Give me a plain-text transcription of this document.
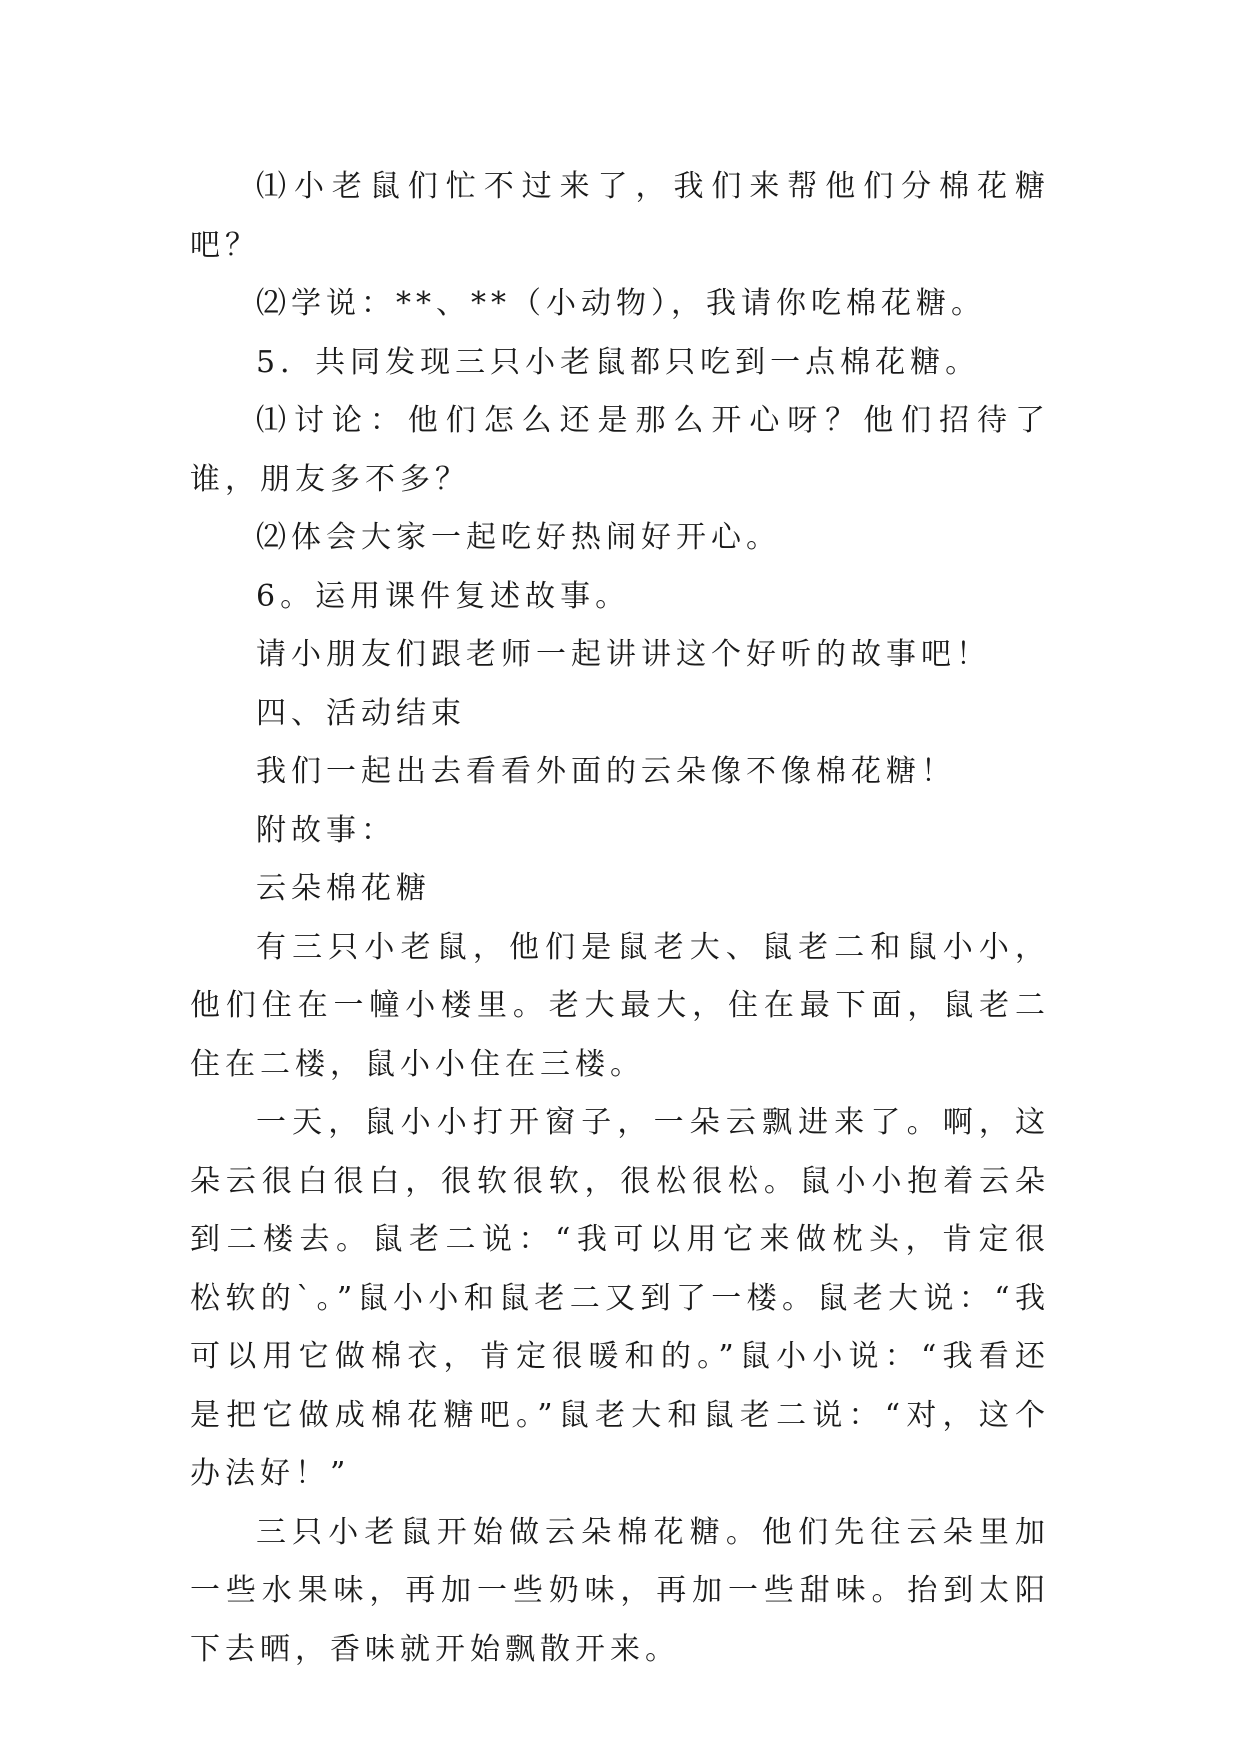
⑴小老鼠们忙不过来了，我们来帮他们分棉花糖吧？

⑵学说：**、**（小动物），我请你吃棉花糖。

5．共同发现三只小老鼠都只吃到一点棉花糖。

⑴讨论：他们怎么还是那么开心呀？他们招待了谁，朋友多不多？

⑵体会大家一起吃好热闹好开心。

6。运用课件复述故事。

请小朋友们跟老师一起讲讲这个好听的故事吧！

四、活动结束

我们一起出去看看外面的云朵像不像棉花糖！

附故事：

云朵棉花糖

有三只小老鼠，他们是鼠老大、鼠老二和鼠小小，他们住在一幢小楼里。老大最大，住在最下面，鼠老二住在二楼，鼠小小住在三楼。

一天，鼠小小打开窗子，一朵云飘进来了。啊，这朵云很白很白，很软很软，很松很松。鼠小小抱着云朵到二楼去。鼠老二说：“我可以用它来做枕头，肯定很松软的`。”鼠小小和鼠老二又到了一楼。鼠老大说：“我可以用它做棉衣，肯定很暖和的。”鼠小小说：“我看还是把它做成棉花糖吧。”鼠老大和鼠老二说：“对，这个办法好！”

三只小老鼠开始做云朵棉花糖。他们先往云朵里加一些水果味，再加一些奶味，再加一些甜味。抬到太阳下去晒，香味就开始飘散开来。
